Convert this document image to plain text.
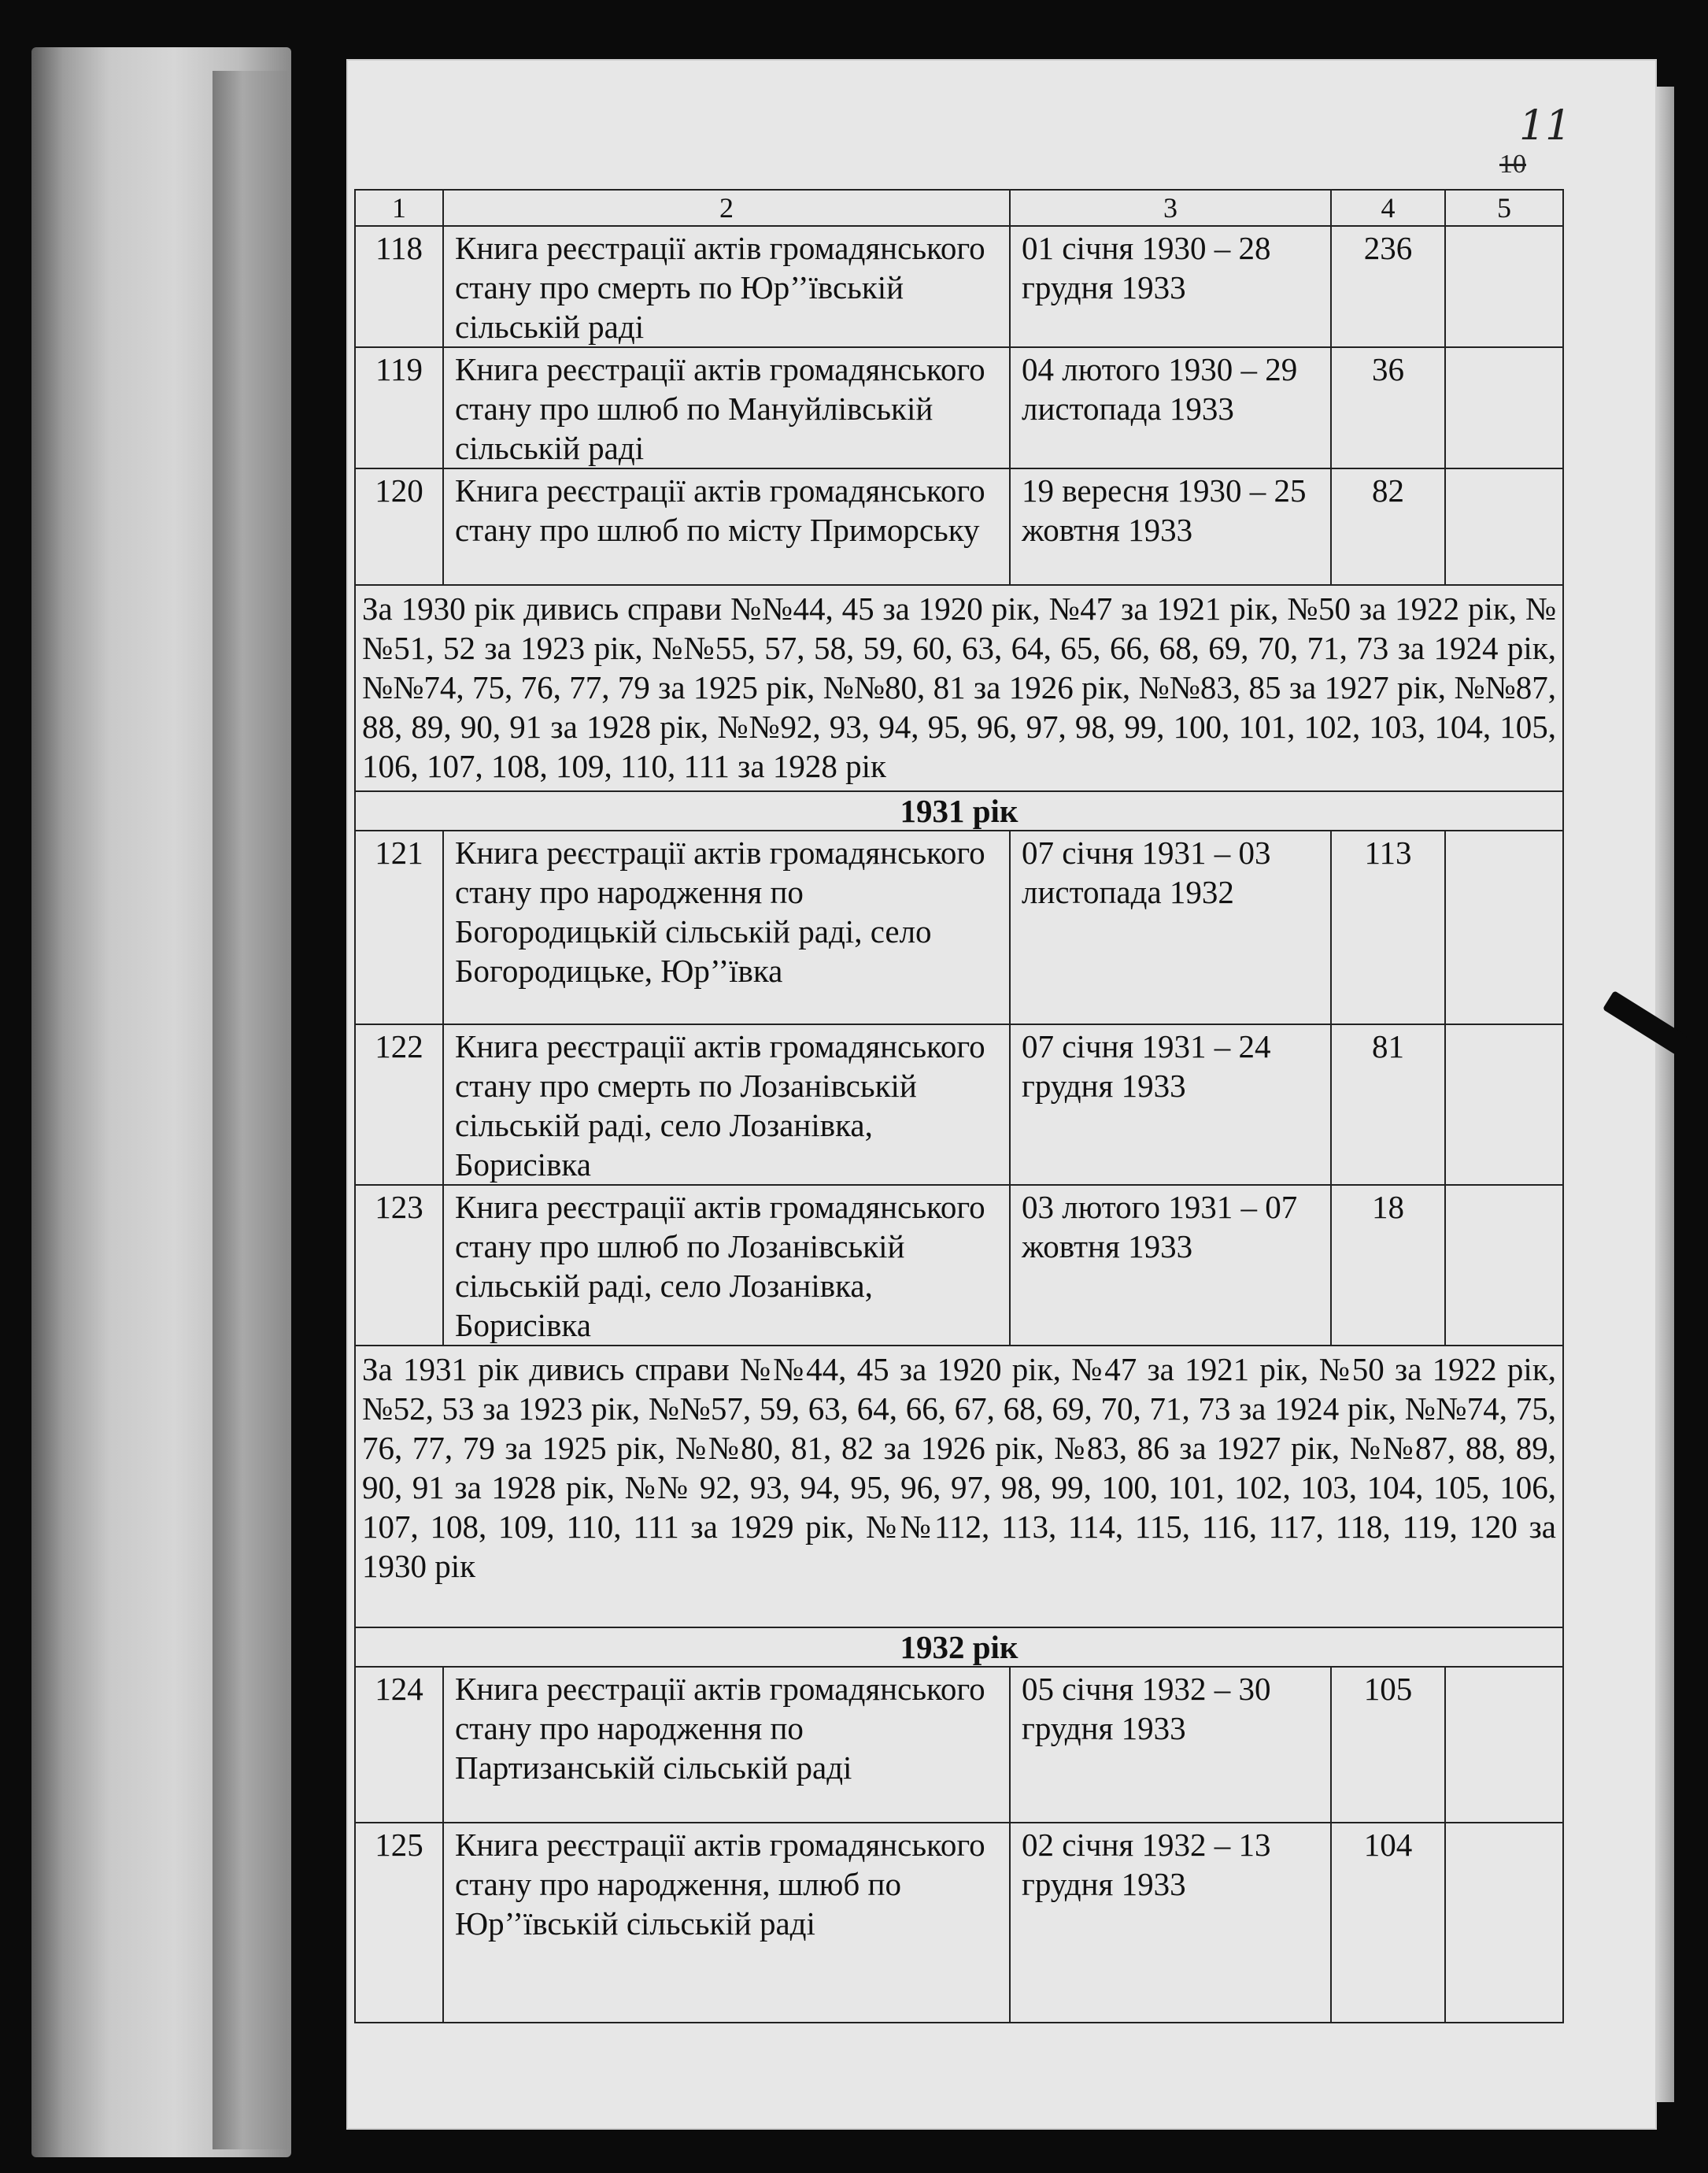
11
10
1	2	3	4	5
118	Книга реєстрації актів громадянського стану про смерть по Юр’’ївській сільській раді	01 січня 1930 – 28 грудня 1933	236	
119	Книга реєстрації актів громадянського стану про шлюб по Мануйлівській сільській раді	04 лютого 1930 – 29 листопада 1933	36	
120	Книга реєстрації актів громадянського стану про шлюб по місту Приморську	19 вересня 1930 – 25 жовтня 1933	82	
За 1930 рік дивись справи №№44, 45 за 1920 рік, №47 за 1921 рік, №50 за 1922 рік, №№51, 52 за 1923 рік, №№55, 57, 58, 59, 60, 63, 64, 65, 66, 68, 69, 70, 71, 73 за 1924 рік, №№74, 75, 76, 77, 79 за 1925 рік, №№80, 81 за 1926 рік, №№83, 85 за 1927 рік, №№87, 88, 89, 90, 91 за 1928 рік, №№92, 93, 94, 95, 96, 97, 98, 99, 100, 101, 102, 103, 104, 105, 106, 107, 108, 109, 110, 111 за 1928 рік				
1931 рік				
121	Книга реєстрації актів громадянського стану про народження по Богородицькій сільській раді, село Богородицьке, Юр’’ївка	07 січня 1931 – 03 листопада 1932	113	
122	Книга реєстрації актів громадянського стану про смерть по Лозанівській сільській раді, село Лозанівка, Борисівка	07 січня 1931 – 24 грудня 1933	81	
123	Книга реєстрації актів громадянського стану про шлюб по Лозанівській сільській раді, село Лозанівка, Борисівка	03 лютого 1931 – 07 жовтня 1933	18	
За 1931 рік дивись справи №№44, 45 за 1920 рік, №47 за 1921 рік, №50 за 1922 рік, №52, 53 за 1923 рік, №№57, 59, 63, 64, 66, 67, 68, 69, 70, 71, 73 за 1924 рік, №№74, 75, 76, 77, 79 за 1925 рік, №№80, 81, 82 за 1926 рік, №83, 86 за 1927 рік, №№87, 88, 89, 90, 91 за 1928 рік, №№ 92, 93, 94, 95, 96, 97, 98, 99, 100, 101, 102, 103, 104, 105, 106, 107, 108, 109, 110, 111 за 1929 рік, №№112, 113, 114, 115, 116, 117, 118, 119, 120 за 1930 рік				
1932 рік				
124	Книга реєстрації актів громадянського стану про народження по Партизанській сільській раді	05 січня 1932 – 30 грудня 1933	105	
125	Книга реєстрації актів громадянського стану про народження, шлюб по Юр’’ївській сільській раді	02 січня 1932 – 13 грудня 1933	104	
